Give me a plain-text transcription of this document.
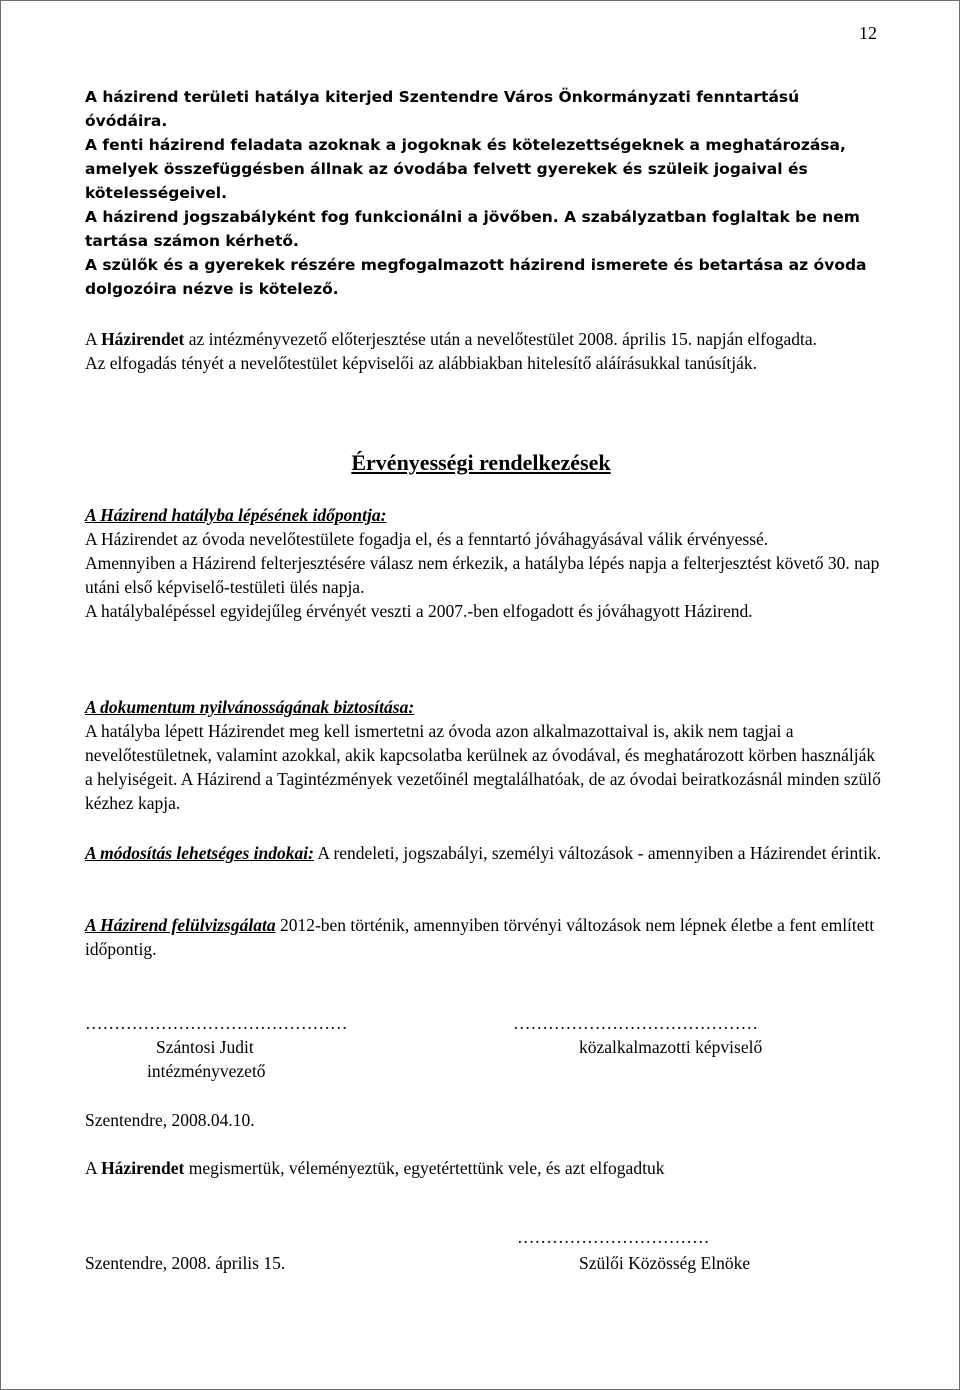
12

A házirend területi hatálya kiterjed Szentendre Város Önkormányzati fenntartású óvódáira.

A fenti házirend feladata azoknak a jogoknak és kötelezettségeknek a meghatározása, amelyek összefüggésben állnak az óvodába felvett gyerekek és szüleik jogaival és kötelességeivel.

A házirend jogszabályként fog funkcionálni a jövőben. A szabályzatban foglaltak be nem tartása számon kérhető.

A szülők és a gyerekek részére megfogalmazott házirend ismerete és betartása az óvoda dolgozóira nézve is kötelező.

A Házirendet az intézményvezető előterjesztése után a nevelőtestület 2008. április 15. napján elfogadta.

Az elfogadás tényét a nevelőtestület képviselői az alábbiakban hitelesítő aláírásukkal tanúsítják.

Érvényességi rendelkezések

A Házirend hatályba lépésének időpontja:

A Házirendet az óvoda nevelőtestülete fogadja el, és a fenntartó jóváhagyásával válik érvényessé.

Amennyiben a Házirend felterjesztésére válasz nem érkezik, a hatályba lépés napja a felterjesztést követő 30. nap utáni első képviselő-testületi ülés napja.

A hatálybalépéssel egyidejűleg érvényét veszti a 2007.-ben elfogadott és jóváhagyott Házirend.

A dokumentum nyilvánosságának biztosítása:

A hatályba lépett Házirendet meg kell ismertetni az óvoda azon alkalmazottaival is, akik nem tagjai a nevelőtestületnek, valamint azokkal, akik kapcsolatba kerülnek az óvodával, és meghatározott körben használják a helyiségeit. A Házirend a Tagintézmények vezetőinél megtalálhatóak, de az óvodai beiratkozásnál minden szülő kézhez kapja.

A módosítás lehetséges indokai: A rendeleti, jogszabályi, személyi változások - amennyiben a Házirendet érintik.

A Házirend felülvizsgálata 2012-ben történik, amennyiben törvényi változások nem lépnek életbe a fent említett időpontig.

………………………………………	……………………………………
Szántosi Judit
intézményvezető
közalkalmazotti képviselő
Szentendre, 2008.04.10.
A Házirendet megismertük, véleményeztük, egyetértettünk vele, és azt elfogadtuk
……………………………
Szentendre, 2008. április 15.	Szülői Közösség Elnöke
